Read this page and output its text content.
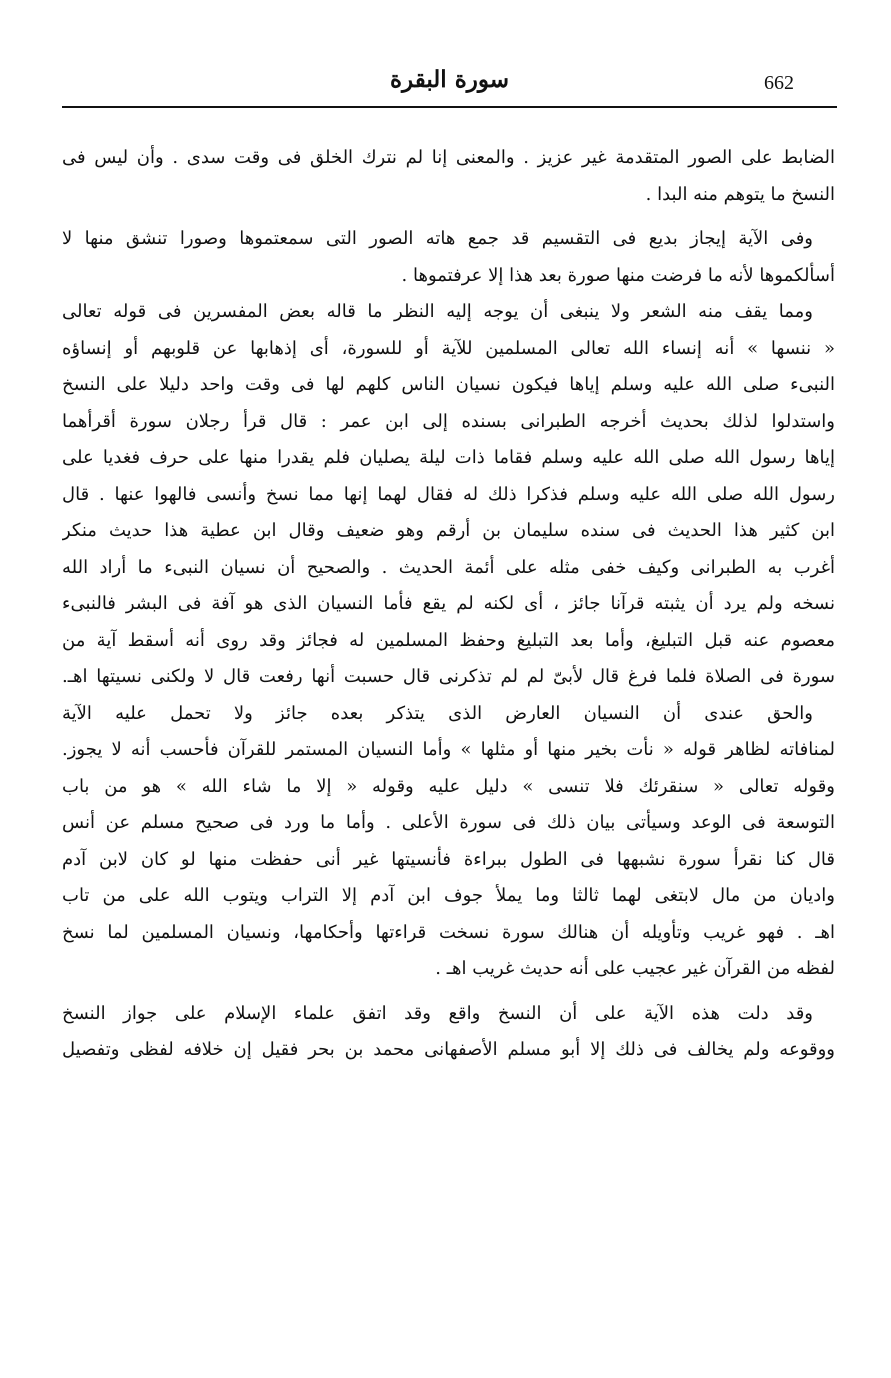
662
سورة البقرة
الضابط على الصور المتقدمة غير عزيز . والمعنى إنا لم نترك الخلق فى وقت سدى . وأن ليس فى
النسخ ما يتوهم منه البدا .
وفى الآية إيجاز بديع فى التقسيم قد جمع هاته الصور التى سمعتموها وصورا تنشق منها لا
أسألكموها لأنه ما فرضت منها صورة بعد هذا إلا عرفتموها .
ومما يقف منه الشعر ولا ينبغى أن يوجه إليه النظر ما قاله بعض المفسرين فى قوله تعالى
« ننسها » أنه إنساء الله تعالى المسلمين للآية أو للسورة، أى إذهابها عن قلوبهم أو إنساؤه
النبىء صلى الله عليه وسلم إياها فيكون نسيان الناس كلهم لها فى وقت واحد دليلا على النسخ
واستدلوا لذلك بحديث أخرجه الطبرانى بسنده إلى ابن عمر : قال قرأ رجلان سورة أقرأهما
إياها رسول الله صلى الله عليه وسلم فقاما ذات ليلة يصليان فلم يقدرا منها على حرف فغديا على
رسول الله صلى الله عليه وسلم فذكرا ذلك له فقال لهما إنها مما نسخ وأنسى فالهوا عنها . قال
ابن كثير هذا الحديث فى سنده سليمان بن أرقم وهو ضعيف وقال ابن عطية هذا حديث منكر
أغرب به الطبرانى وكيف خفى مثله على أئمة الحديث . والصحيح أن نسيان النبىء ما أراد الله
نسخه ولم يرد أن يثبته قرآنا جائز ، أى لكنه لم يقع فأما النسيان الذى هو آفة فى البشر فالنبىء
معصوم عنه قبل التبليغ، وأما بعد التبليغ وحفظ المسلمين له فجائز وقد روى أنه أسقط آية من
سورة فى الصلاة فلما فرغ قال لأبىّ لم لم تذكرنى قال حسبت أنها رفعت قال لا ولكنى نسيتها اهـ.
والحق عندى أن النسيان العارض الذى يتذكر بعده جائز ولا تحمل عليه الآية
لمنافاته لظاهر قوله « نأت بخير منها أو مثلها » وأما النسيان المستمر للقرآن فأحسب أنه لا يجوز.
وقوله تعالى « سنقرئك فلا تنسى » دليل عليه وقوله « إلا ما شاء الله » هو من باب
التوسعة فى الوعد وسيأتى بيان ذلك فى سورة الأعلى . وأما ما ورد فى صحيح مسلم عن أنس
قال كنا نقرأ سورة نشبهها فى الطول ببراءة فأنسيتها غير أنى حفظت منها لو كان لابن آدم
واديان من مال لابتغى لهما ثالثا وما يملأ جوف ابن آدم إلا التراب ويتوب الله على من تاب
اهـ . فهو غريب وتأويله أن هنالك سورة نسخت قراءتها وأحكامها، ونسيان المسلمين لما نسخ
لفظه من القرآن غير عجيب على أنه حديث غريب اهـ .
وقد دلت هذه الآية على أن النسخ واقع وقد اتفق علماء الإسلام على جواز النسخ
ووقوعه ولم يخالف فى ذلك إلا أبو مسلم الأصفهانى محمد بن بحر فقيل إن خلافه لفظى وتفصيل
